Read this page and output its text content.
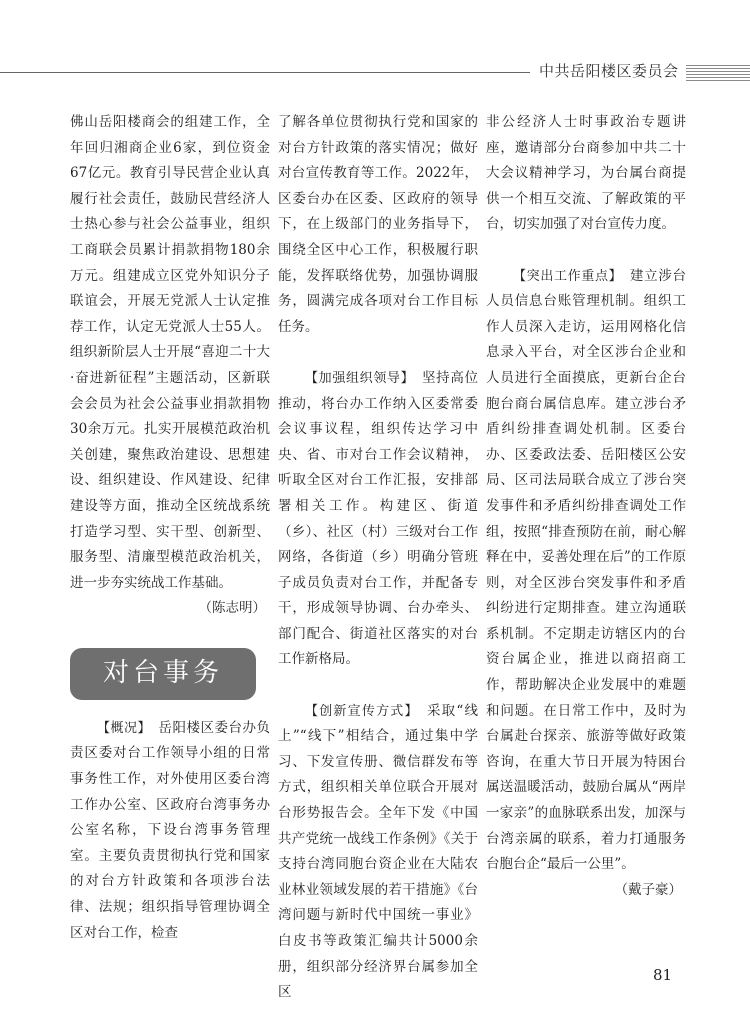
中共岳阳楼区委员会

佛山岳阳楼商会的组建工作，全年回归湘商企业6家，到位资金67亿元。教育引导民营企业认真履行社会责任，鼓励民营经济人士热心参与社会公益事业，组织工商联会员累计捐款捐物180余万元。组建成立区党外知识分子联谊会，开展无党派人士认定推荐工作，认定无党派人士55人。组织新阶层人士开展“喜迎二十大·奋进新征程”主题活动，区新联会会员为社会公益事业捐款捐物30余万元。扎实开展模范政治机关创建，聚焦政治建设、思想建设、组织建设、作风建设、纪律建设等方面，推动全区统战系统打造学习型、实干型、创新型、服务型、清廉型模范政治机关，进一步夯实统战工作基础。

（陈志明）

对台事务

【概况】　 岳阳楼区委台办负责区委对台工作领导小组的日常事务性工作，对外使用区委台湾工作办公室、区政府台湾事务办公室名称，下设台湾事务管理室。主要负责贯彻执行党和国家的对台方针政策和各项涉台法律、法规；组织指导管理协调全区对台工作，检查

了解各单位贯彻执行党和国家的对台方针政策的落实情况；做好对台宣传教育等工作。2022年，区委台办在区委、区政府的领导下，在上级部门的业务指导下，围绕全区中心工作，积极履行职能，发挥联络优势，加强协调服务，圆满完成各项对台工作目标任务。

【加强组织领导】　 坚持高位推动，将台办工作纳入区委常委会议事议程，组织传达学习中央、省、市对台工作会议精神，听取全区对台工作汇报，安排部署相关工作。构建区、街道（乡）、社区（村）三级对台工作网络，各街道（乡）明确分管班子成员负责对台工作，并配备专干，形成领导协调、台办牵头、部门配合、街道社区落实的对台工作新格局。

【创新宣传方式】　 采取“线上”“线下”相结合，通过集中学习、下发宣传册、微信群发布等方式，组织相关单位联合开展对台形势报告会。全年下发《中国共产党统一战线工作条例》《关于支持台湾同胞台资企业在大陆农业林业领域发展的若干措施》《台湾问题与新时代中国统一事业》白皮书等政策汇编共计5000余册，组织部分经济界台属参加全区

非公经济人士时事政治专题讲座，邀请部分台商参加中共二十大会议精神学习，为台属台商提供一个相互交流、了解政策的平台，切实加强了对台宣传力度。

【突出工作重点】　 建立涉台人员信息台账管理机制。组织工作人员深入走访，运用网格化信息录入平台，对全区涉台企业和人员进行全面摸底，更新台企台胞台商台属信息库。建立涉台矛盾纠纷排查调处机制。区委台办、区委政法委、岳阳楼区公安局、区司法局联合成立了涉台突发事件和矛盾纠纷排查调处工作组，按照“排查预防在前，耐心解释在中，妥善处理在后”的工作原则，对全区涉台突发事件和矛盾纠纷进行定期排查。建立沟通联系机制。不定期走访辖区内的台资台属企业，推进以商招商工作，帮助解决企业发展中的难题和问题。在日常工作中，及时为台属赴台探亲、旅游等做好政策咨询，在重大节日开展为特困台属送温暖活动，鼓励台属从“两岸一家亲”的血脉联系出发，加深与台湾亲属的联系，着力打通服务台胞台企“最后一公里”。

（戴子豪）

81
